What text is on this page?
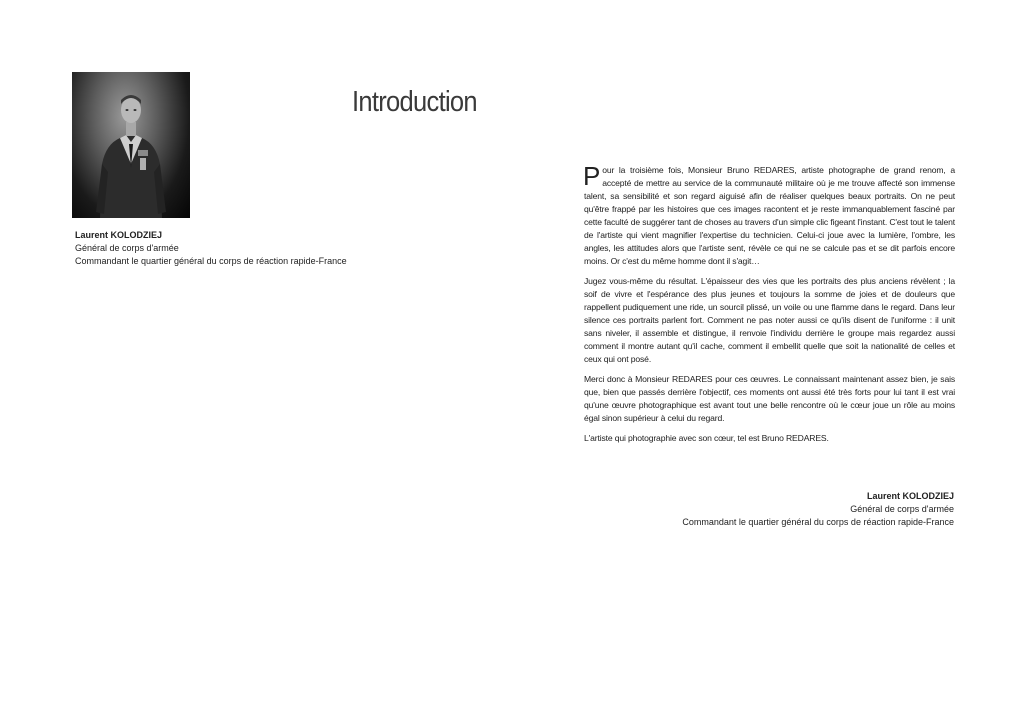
Laurent KOLODZIEJ
Général de corps d'armée
Commandant le quartier général du corps de réaction rapide-France
Introduction

Pour la troisième fois, Monsieur Bruno REDARES, artiste photographe de grand renom, a accepté de mettre au service de la communauté militaire où je me trouve affecté son immense talent, sa sensibilité et son regard aiguisé afin de réaliser quelques beaux portraits. On ne peut qu'être frappé par les histoires que ces images racontent et je reste immanquablement fasciné par cette faculté de suggérer tant de choses au travers d'un simple clic figeant l'instant. C'est tout le talent de l'artiste qui vient magnifier l'expertise du technicien. Celui-ci joue avec la lumière, l'ombre, les angles, les attitudes alors que l'artiste sent, révèle ce qui ne se calcule pas et se dit parfois encore moins. Or c'est du même homme dont il s'agit…

Jugez vous-même du résultat. L'épaisseur des vies que les portraits des plus anciens révèlent ; la soif de vivre et l'espérance des plus jeunes et toujours la somme de joies et de douleurs que rappellent pudiquement une ride, un sourcil plissé, un voile ou une flamme dans le regard. Dans leur silence ces portraits parlent fort. Comment ne pas noter aussi ce qu'ils disent de l'uniforme : il unit sans niveler, il assemble et distingue, il renvoie l'individu derrière le groupe mais regardez aussi comment il montre autant qu'il cache, comment il embellit quelle que soit la nationalité de celles et ceux qui ont posé.

Merci donc à Monsieur REDARES pour ces œuvres. Le connaissant maintenant assez bien, je sais que, bien que passés derrière l'objectif, ces moments ont aussi été très forts pour lui tant il est vrai qu'une œuvre photographique est avant tout une belle rencontre où le cœur joue un rôle au moins égal sinon supérieur à celui du regard.

L'artiste qui photographie avec son cœur, tel est Bruno REDARES.

Laurent KOLODZIEJ
Général de corps d'armée
Commandant le quartier général du corps de réaction rapide-France
